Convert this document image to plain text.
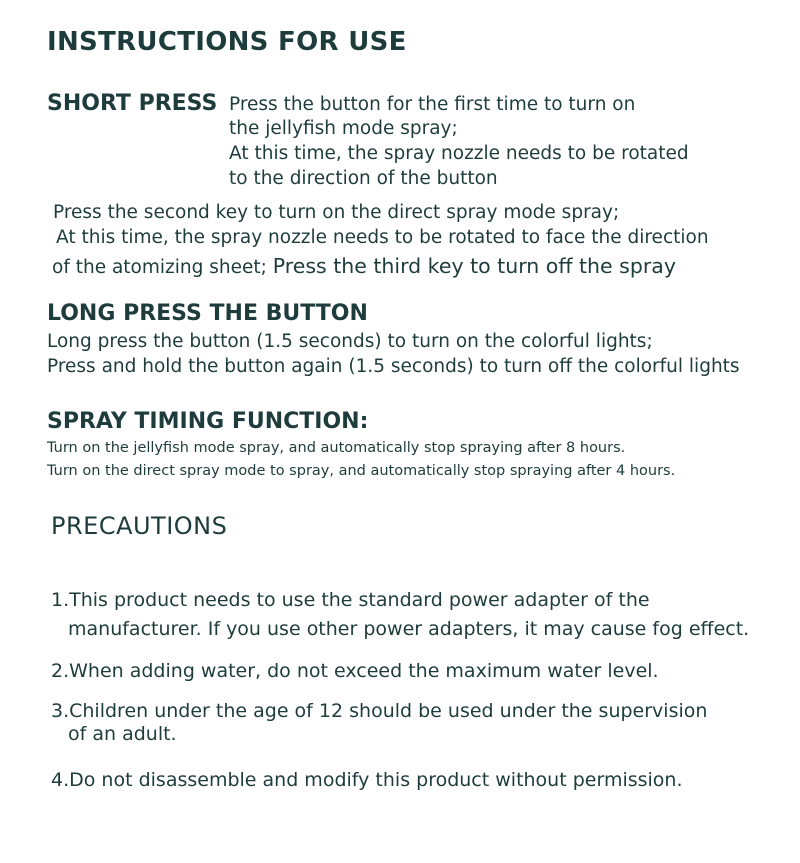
INSTRUCTIONS FOR USE
SHORT PRESS Press the button for the first time to turn on
the jellyfish mode spray;
At this time, the spray nozzle needs to be rotated
to the direction of the button
Press the second key to turn on the direct spray mode spray;
At this time, the spray nozzle needs to be rotated to face the direction
of the atomizing sheet; Press the third key to turn off the spray
LONG PRESS THE BUTTON
Long press the button (1.5 seconds) to turn on the colorful lights;
Press and hold the button again (1.5 seconds) to turn off the colorful lights
SPRAY TIMING FUNCTION:
Turn on the jellyfish mode spray, and automatically stop spraying after 8 hours.
Turn on the direct spray mode to spray, and automatically stop spraying after 4 hours.
PRECAUTIONS
1.This product needs to use the standard power adapter of the
manufacturer. If you use other power adapters, it may cause fog effect.
2.When adding water, do not exceed the maximum water level.
3.Children under the age of 12 should be used under the supervision
of an adult.
4.Do not disassemble and modify this product without permission.
